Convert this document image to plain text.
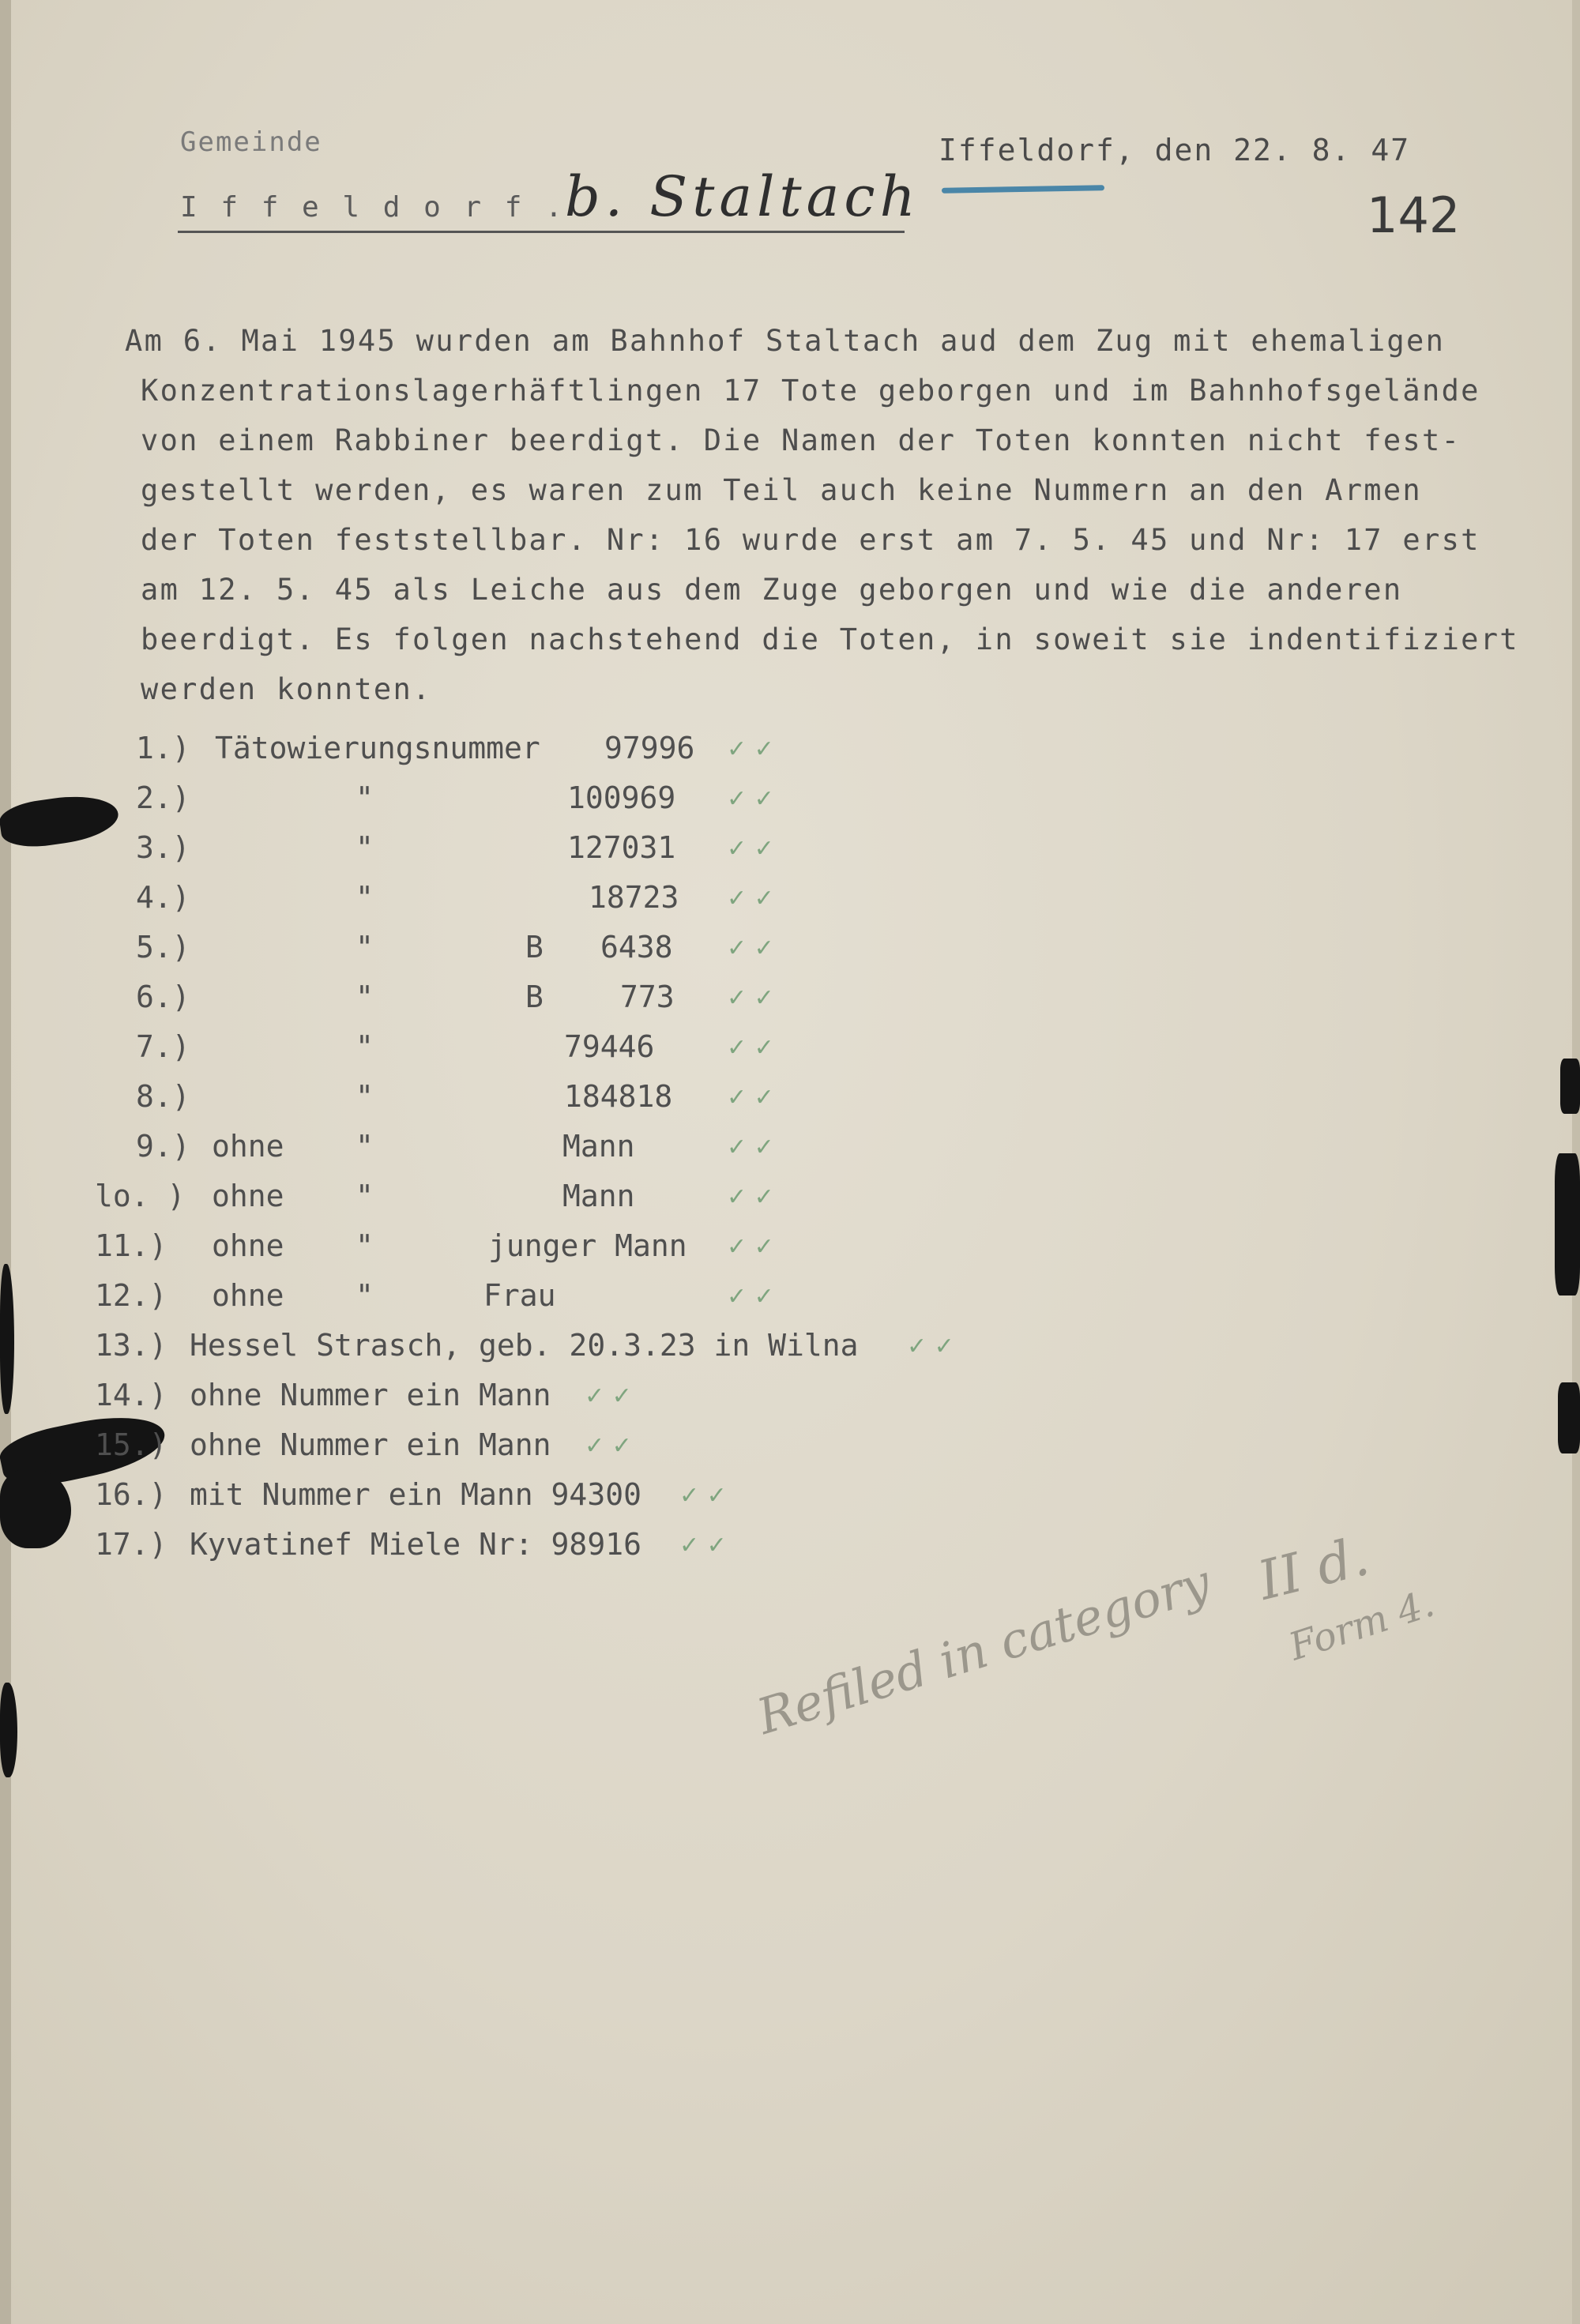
Gemeinde
I f f e l d o r f . b. Staltach
Iffeldorf, den 22. 8. 47
142
Am 6. Mai 1945 wurden am Bahnhof Staltach aud dem Zug mit ehemaligen
Konzentrationslagerhäftlingen 17 Tote geborgen und im Bahnhofsgelände
von einem Rabbiner beerdigt. Die Namen der Toten konnten nicht fest-
gestellt werden, es waren zum Teil auch keine Nummern an den Armen
der Toten feststellbar. Nr: 16 wurde erst am 7. 5. 45 und Nr: 17 erst
am 12. 5. 45 als Leiche aus dem Zuge geborgen und wie die anderen
beerdigt. Es folgen nachstehend die Toten, in soweit sie indentifiziert
werden konnten.
1.) Tätowierungsnummer 97996 ✓ ✓
2.)	"	100969 ✓ ✓
3.)	"	127031 ✓ ✓
4.)	"	18723 ✓ ✓
5.)	"	B 6438 ✓ ✓
6.)	"	B	773 ✓ ✓
7.)	"	79446	✓ ✓
8.)	"	184818 ✓ ✓
9.) ohne "	Mann	✓ ✓
lo. ) ohne "	Mann	✓ ✓
11.) ohne "	junger Mann ✓ ✓
12.) ohne "	Frau	✓ ✓
13.) Hessel Strasch, geb. 20.3.23 in Wilna ✓ ✓
14.) ohne Nummer ein Mann ✓ ✓
15.) ohne Nummer ein Mann ✓ ✓
16.) mit Nummer ein Mann 94300 ✓ ✓
17.) Kyvatinef Miele Nr: 98916 ✓ ✓
Refiled in category II d.
Form 4.
